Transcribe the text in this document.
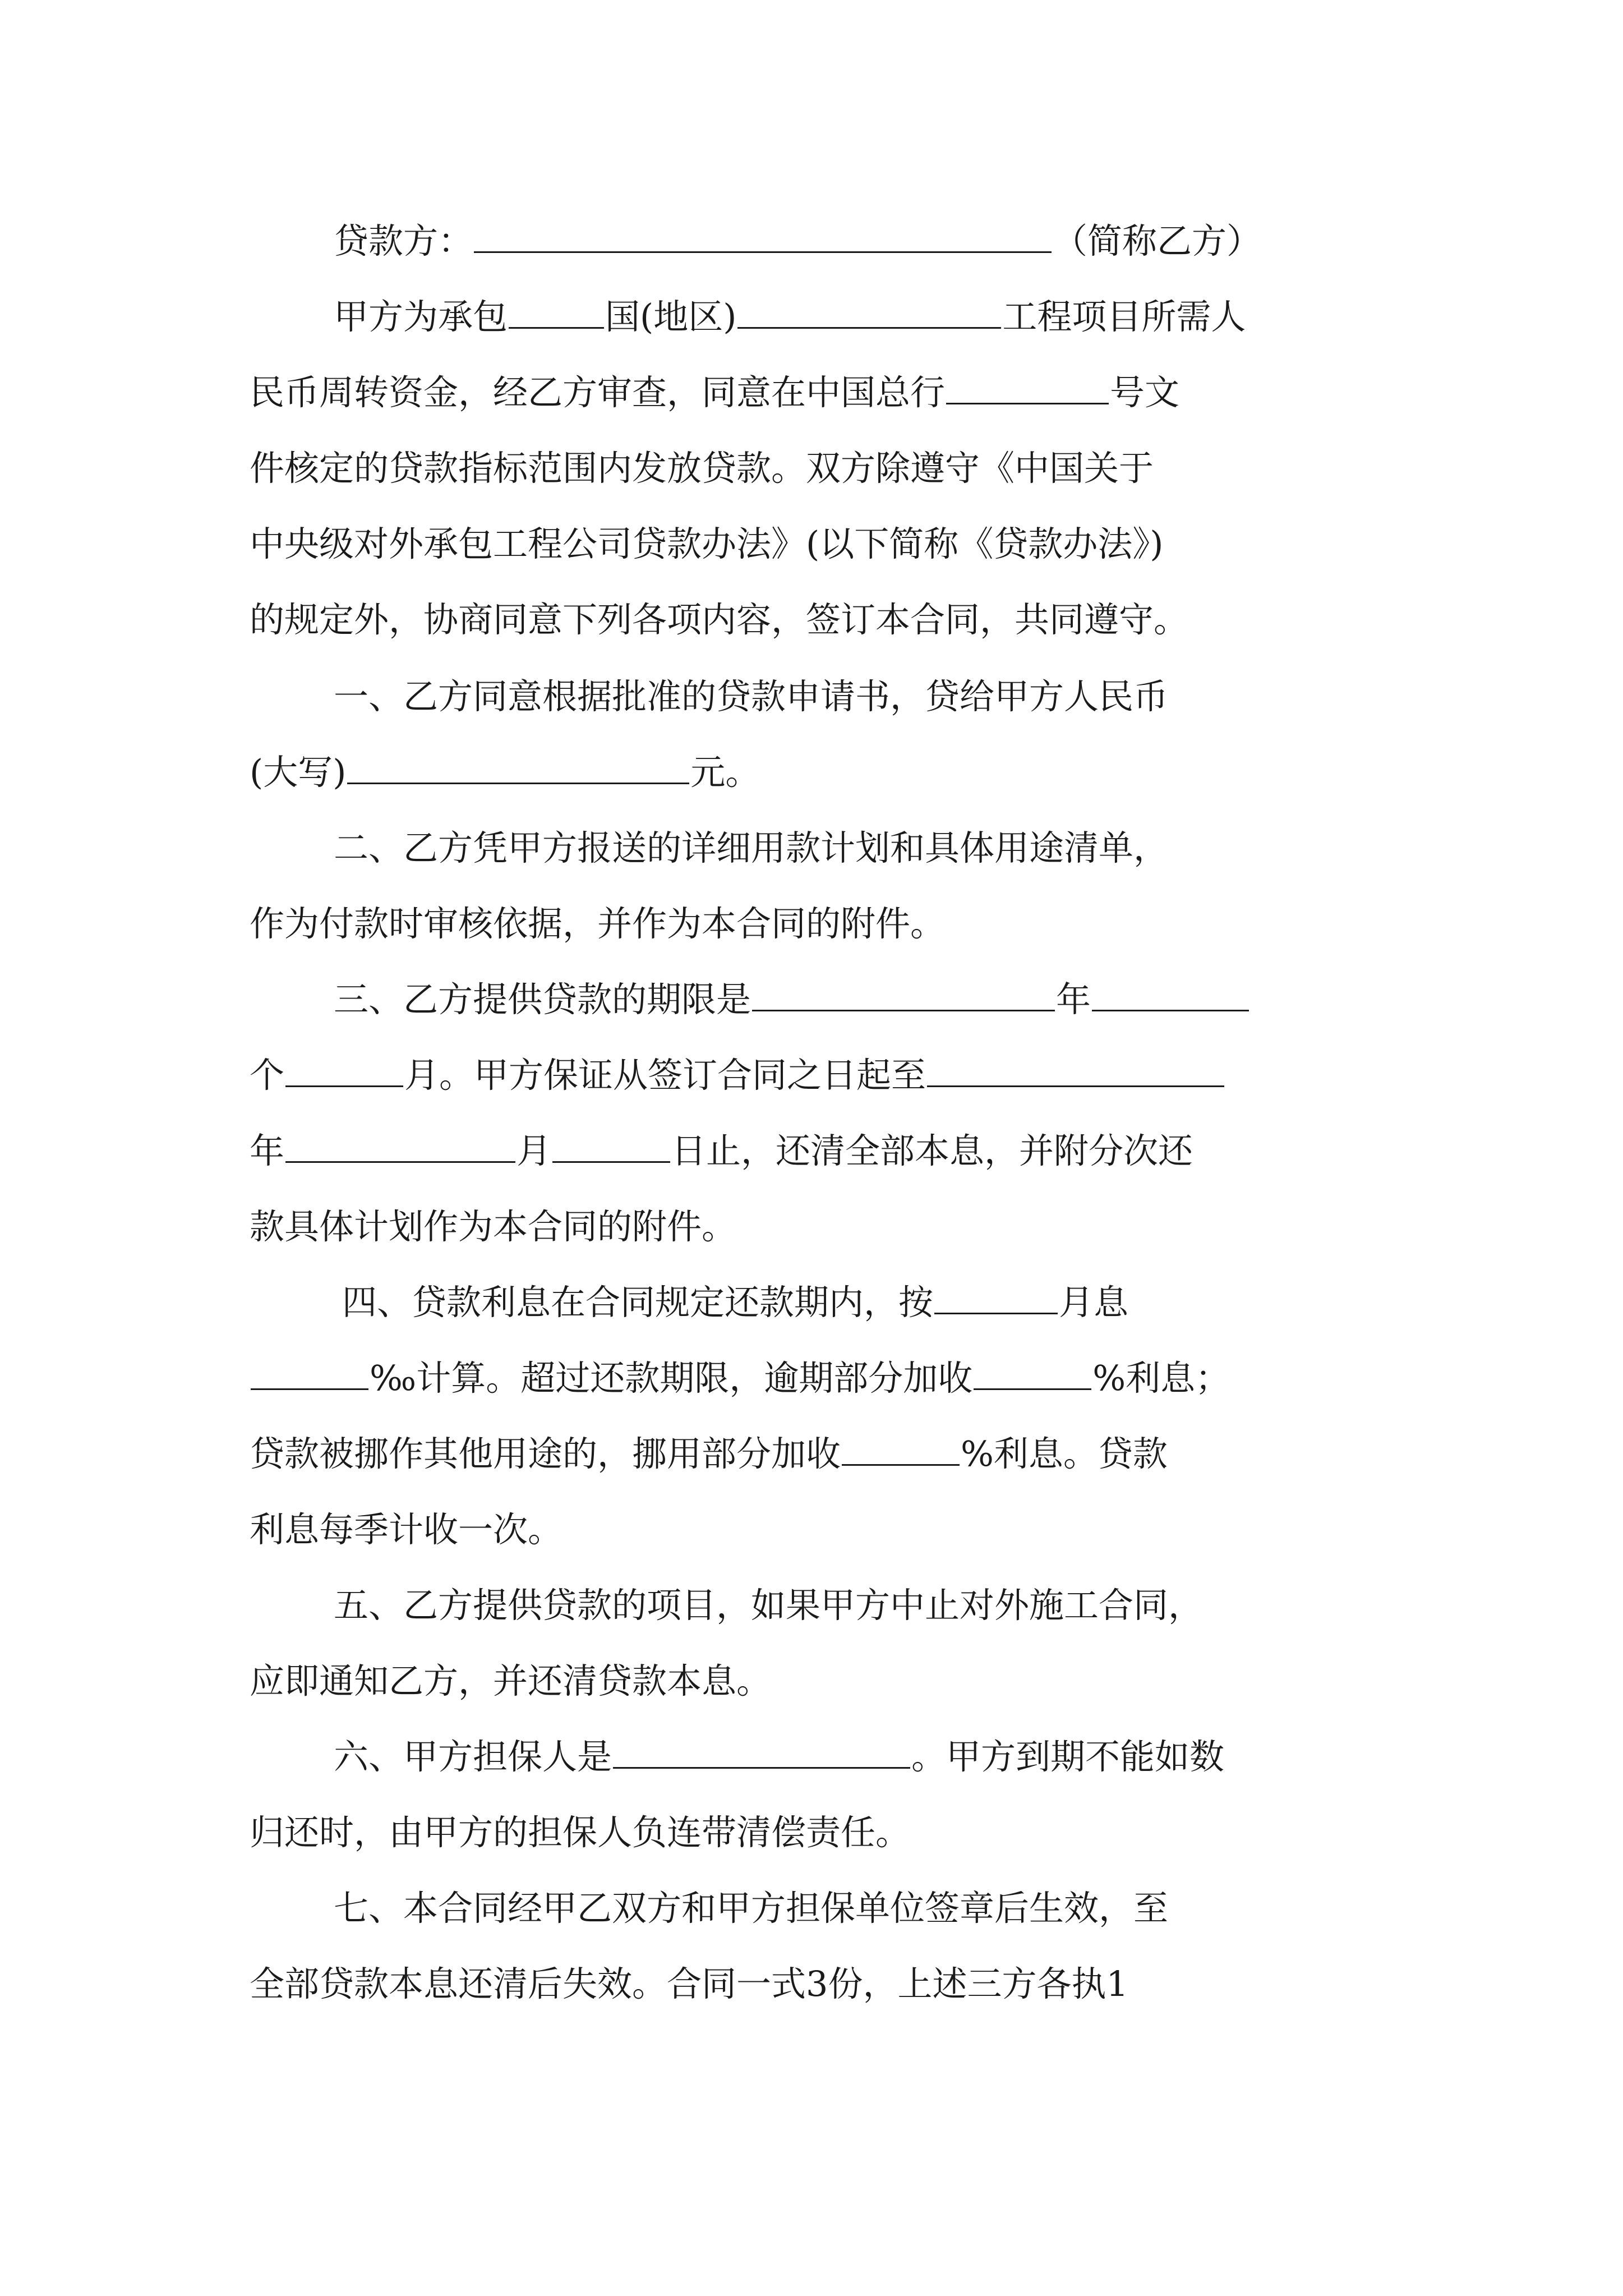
贷款方：	（简称乙方）
甲方为承包	国(地区)	工程项目所需人
民币周转资金，经乙方审查，同意在中国总行	号文
件核定的贷款指标范围内发放贷款。双方除遵守《中国关于
中央级对外承包工程公司贷款办法》(以下简称《贷款办法》)
的规定外，协商同意下列各项内容，签订本合同，共同遵守。
一、乙方同意根据批准的贷款申请书，贷给甲方人民币
(大写)	元。
二、乙方凭甲方报送的详细用款计划和具体用途清单，
作为付款时审核依据，并作为本合同的附件。
三、乙方提供贷款的期限是	年
个	月。甲方保证从签订合同之日起至
年	月	日止，还清全部本息，并附分次还
款具体计划作为本合同的附件。
四、贷款利息在合同规定还款期内，按	月息
‰计算。超过还款期限，逾期部分加收	%利息；
贷款被挪作其他用途的，挪用部分加收	%利息。贷款
利息每季计收一次。
五、乙方提供贷款的项目，如果甲方中止对外施工合同，
应即通知乙方，并还清贷款本息。
六、甲方担保人是	。甲方到期不能如数
归还时，由甲方的担保人负连带清偿责任。
七、本合同经甲乙双方和甲方担保单位签章后生效，至
全部贷款本息还清后失效。合同一式3份，上述三方各执1
